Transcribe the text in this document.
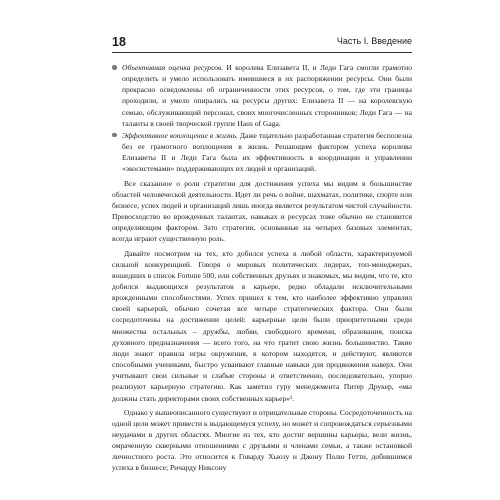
18	Часть I. Введение
Объективная оценка ресурсов. И королева Елизавета II, и Леди Гага смогли грамотно определить и умело использовать имевшиеся в их распоряжении ресурсы. Они были прекрасно осведомлены об ограниченности этих ресурсов, о том, где эти границы проходили, и умело опирались на ресурсы других: Елизавета II — на королевскую семью, обслуживающий персонал, своих многочисленных сторонников; Леди Гага — на таланты в своей творческой группе Haus of Gaga.
Эффективное воплощение в жизнь. Даже тщательно разработанная стратегия бесполезна без ее грамотного воплощения в жизнь. Решающим фактором успеха королевы Елизаветы II и Леди Гага была их эффективность в координации и управлении «экосистемами» поддерживающих их людей и организаций.

Все сказанное о роли стратегии для достижения успеха мы видим в большинстве областей человеческой деятельности. Идет ли речь о войне, шахматах, политике, спорте или бизнесе, успех людей и организаций лишь иногда является результатом чистой случайности. Превосходство во врожденных талантах, навыках и ресурсах тоже обычно не становится определяющим фактором. Зато стратегии, основанные на четырех базовых элементах, всегда играют существенную роль.

Давайте посмотрим на тех, кто добился успеха в любой области, характеризуемой сильной конкуренцией. Говоря о мировых политических лидерах, топ-менеджерах, вошедших в список Fortune 500, или собственных друзьях и знакомых, мы видим, что те, кто добился выдающихся результатов в карьере, редко обладали исключительными врожденными способностями. Успех пришел к тем, кто наиболее эффективно управлял своей карьерой, обычно сочетая все четыре стратегических фактора. Они были сосредоточены на достижении целей: карьерные цели были приоритетными среди множества остальных – дружбы, любви, свободного времени, образования, поиска духовного предназначения — всего того, на что тратит свою жизнь большинство. Такие люди знают правила игры окружения, в котором находятся, и действуют, являются способными учениками, быстро усваивают главные навыки для продвижения наверх. Они учитывают свои сильные и слабые стороны и ответственно, последовательно, упорно реализуют карьерную стратегию. Как заметил гуру менеджмента Питер Друкер, «мы должны стать директорами своих собственных карьер»¹.

Однако у вышеописанного существуют и отрицательные стороны. Сосредоточенность на одной цели может привести к выдающемуся успеху, но может и сопровождаться серьезными неудачами в других областях. Многие из тех, кто достиг вершины карьеры, вели жизнь, омраченную скверными отношениями с друзьями и членами семьи, а также остановкой личностного роста. Это относится к Говарду Хьюзу и Джону Полю Гетти, добившимся успеха в бизнесе; Ричарду Никсону
